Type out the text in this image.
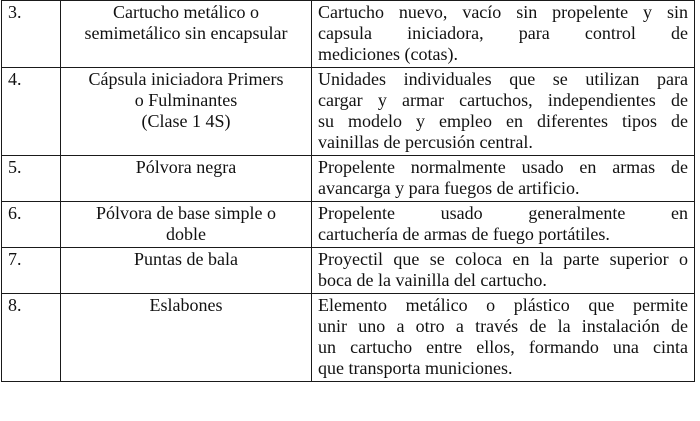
3.	Cartucho metálico o
semimetálico sin encapsular	Cartucho nuevo, vacío sin propelente y sin
capsula iniciadora, para control de
mediciones (cotas).

4.	Cápsula iniciadora Primers
o Fulminantes
(Clase 1 4S)	Unidades individuales que se utilizan para
cargar y armar cartuchos, independientes de
su modelo y empleo en diferentes tipos de
vainillas de percusión central.

5.	Pólvora negra	Propelente normalmente usado en armas de
avancarga y para fuegos de artificio.

6.	Pólvora de base simple o
doble	Propelente usado generalmente en
cartuchería de armas de fuego portátiles.

7.	Puntas de bala	Proyectil que se coloca en la parte superior o
boca de la vainilla del cartucho.

8.	Eslabones	Elemento metálico o plástico que permite
unir uno a otro a través de la instalación de
un cartucho entre ellos, formando una cinta
que transporta municiones.
